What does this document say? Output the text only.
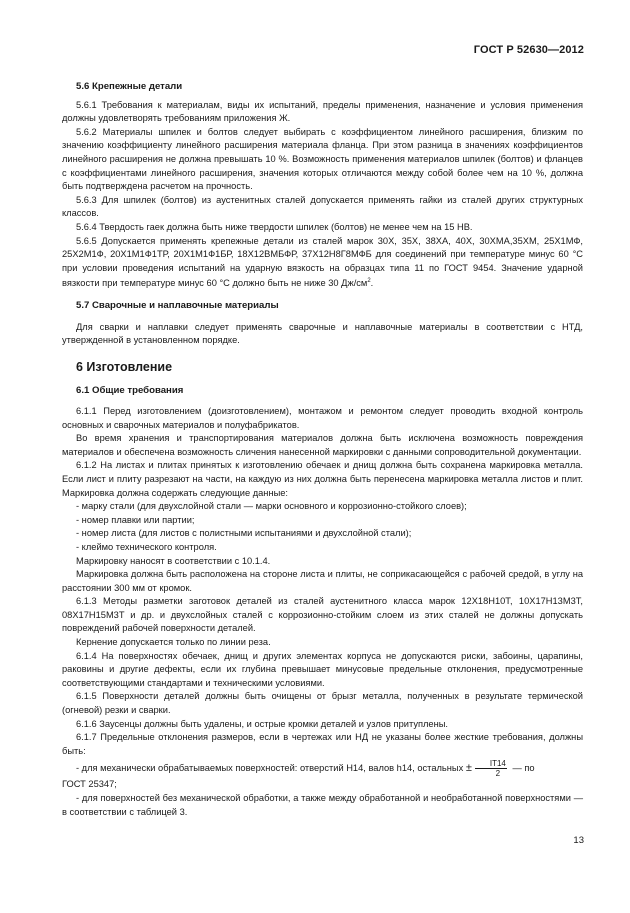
ГОСТ Р 52630—2012

5.6 Крепежные детали

5.6.1 Требования к материалам, виды их испытаний, пределы применения, назначение и условия применения должны удовлетворять требованиям приложения Ж.

5.6.2 Материалы шпилек и болтов следует выбирать с коэффициентом линейного расширения, близким по значению коэффициенту линейного расширения материала фланца. При этом разница в значениях коэффициентов линейного расширения не должна превышать 10 %. Возможность применения материалов шпилек (болтов) и фланцев с коэффициентами линейного расширения, значения которых отличаются между собой более чем на 10 %, должна быть подтверждена расчетом на прочность.

5.6.3 Для шпилек (болтов) из аустенитных сталей допускается применять гайки из сталей других структурных классов.

5.6.4 Твердость гаек должна быть ниже твердости шпилек (болтов) не менее чем на 15 НВ.

5.6.5 Допускается применять крепежные детали из сталей марок 30Х, 35Х, 38ХА, 40Х, 30ХМА,35ХМ, 25Х1МФ, 25Х2М1Ф, 20Х1М1Ф1ТР, 20Х1М1Ф1БР, 18Х12ВМБФР, 37Х12Н8Г8МФБ для соединений при температуре минус 60 °С при условии проведения испытаний на ударную вязкость на образцах типа 11 по ГОСТ 9454. Значение ударной вязкости при температуре минус 60 °С должно быть не ниже 30 $Дж/см^2$.

5.7 Сварочные и наплавочные материалы

Для сварки и наплавки следует применять сварочные и наплавочные материалы в соответствии с НТД, утвержденной в установленном порядке.

6 Изготовление

6.1 Общие требования

6.1.1 Перед изготовлением (доизготовлением), монтажом и ремонтом следует проводить входной контроль основных и сварочных материалов и полуфабрикатов.

Во время хранения и транспортирования материалов должна быть исключена возможность повреждения материалов и обеспечена возможность сличения нанесенной маркировки с данными сопроводительной документации.

6.1.2 На листах и плитах принятых к изготовлению обечаек и днищ должна быть сохранена маркировка металла. Если лист и плиту разрезают на части, на каждую из них должна быть перенесена маркировка металла листов и плит. Маркировка должна содержать следующие данные:

- марку стали (для двухслойной стали — марки основного и коррозионно-стойкого слоев);

- номер плавки или партии;

- номер листа (для листов с полистными испытаниями и двухслойной стали);

- клеймо технического контроля.

Маркировку наносят в соответствии с 10.1.4.

Маркировка должна быть расположена на стороне листа и плиты, не соприкасающейся с рабочей средой, в углу на расстоянии 300 мм от кромок.

6.1.3 Методы разметки заготовок деталей из сталей аустенитного класса марок 12Х18Н10Т, 10Х17Н13М3Т, 08Х17Н15М3Т и др. и двухслойных сталей с коррозионно-стойким слоем из этих сталей не должны допускать повреждений рабочей поверхности деталей.

Кернение допускается только по линии реза.

6.1.4 На поверхностях обечаек, днищ и других элементах корпуса не допускаются риски, забоины, царапины, раковины и другие дефекты, если их глубина превышает минусовые предельные отклонения, предусмотренные соответствующими стандартами и техническими условиями.

6.1.5 Поверхности деталей должны быть очищены от брызг металла, полученных в результате термической (огневой) резки и сварки.

6.1.6 Заусенцы должны быть удалены, и острые кромки деталей и узлов притуплены.

6.1.7 Предельные отклонения размеров, если в чертежах или НД не указаны более жесткие требования, должны быть:

- для механически обрабатываемых поверхностей: отверстий Н14, валов h14, остальных ± $\frac{IT14}{2}$ — по

ГОСТ 25347;

- для поверхностей без механической обработки, а также между обработанной и необработанной поверхностями — в соответствии с таблицей 3.

13
